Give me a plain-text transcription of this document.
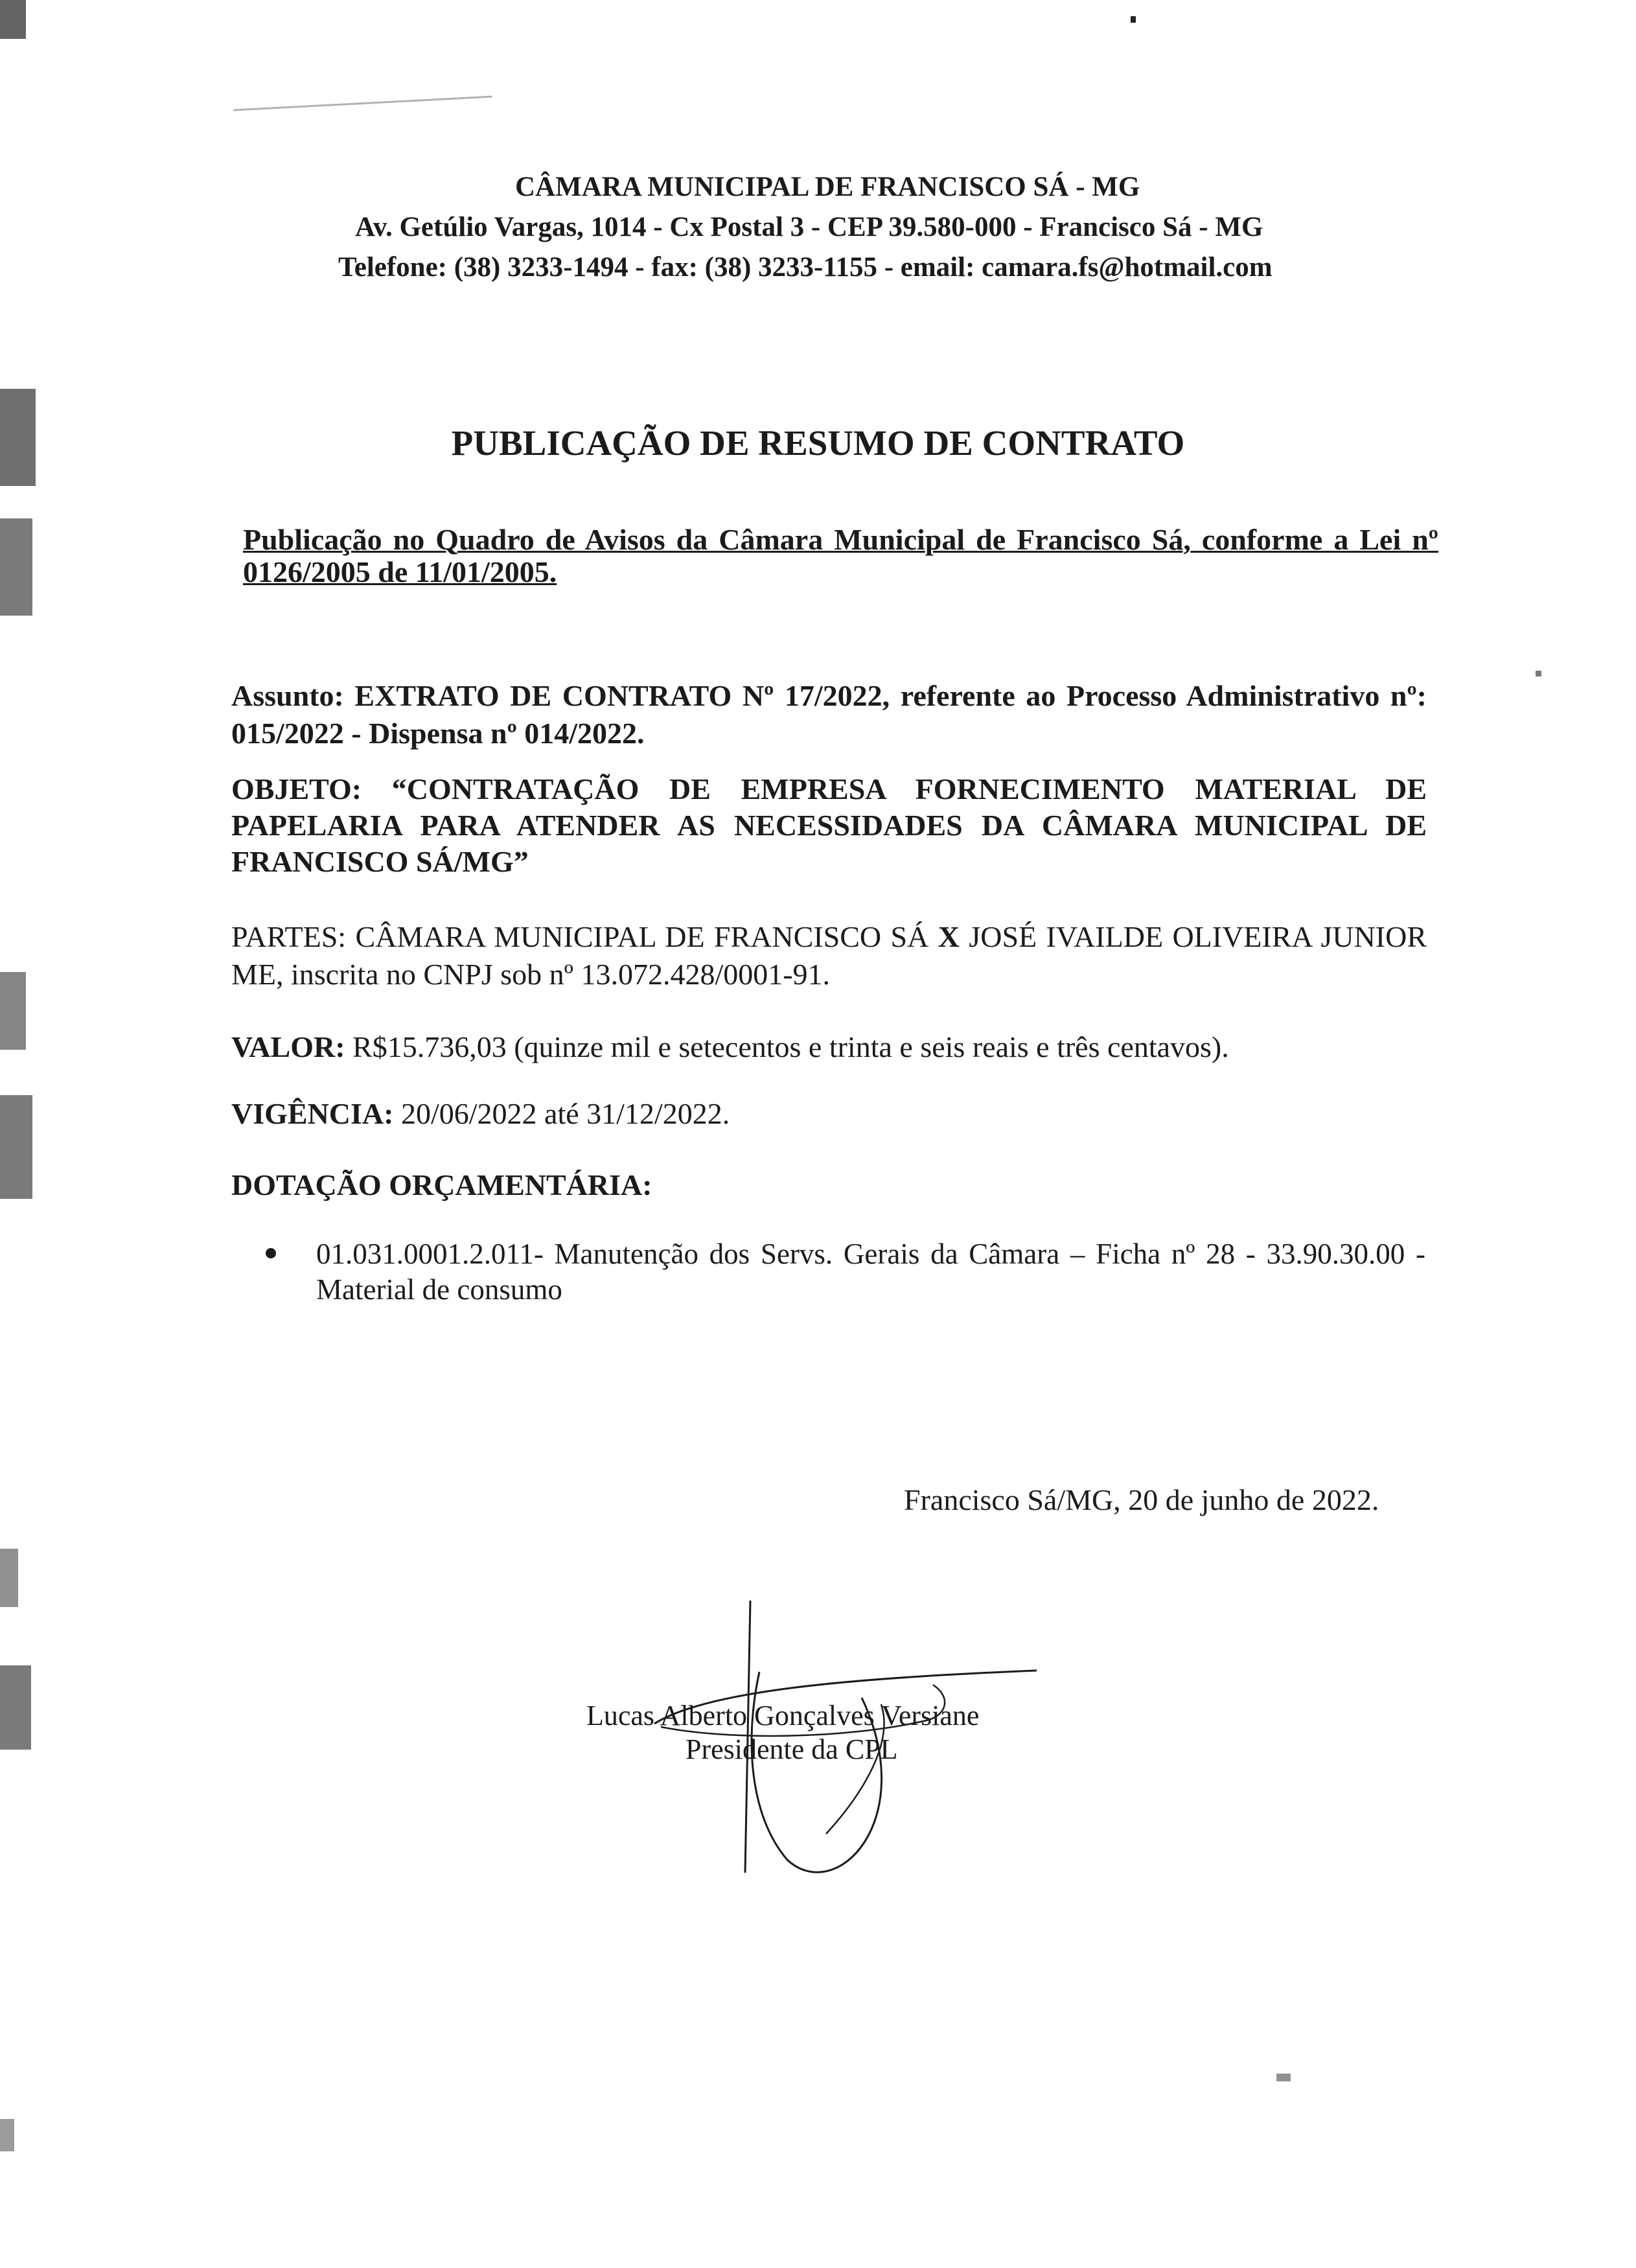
CÂMARA MUNICIPAL DE FRANCISCO SÁ - MG
Av. Getúlio Vargas, 1014 - Cx Postal 3 - CEP 39.580-000 - Francisco Sá - MG
Telefone: (38) 3233-1494 - fax: (38) 3233-1155 - email: camara.fs@hotmail.com
PUBLICAÇÃO DE RESUMO DE CONTRATO
Publicação no Quadro de Avisos da Câmara Municipal de Francisco Sá, conforme a Lei nº 0126/2005 de 11/01/2005.
Assunto: EXTRATO DE CONTRATO Nº 17/2022, referente ao Processo Administrativo nº: 015/2022 - Dispensa nº 014/2022.
OBJETO: “CONTRATAÇÃO DE EMPRESA FORNECIMENTO MATERIAL DE PAPELARIA PARA ATENDER AS NECESSIDADES DA CÂMARA MUNICIPAL DE FRANCISCO SÁ/MG”
PARTES: CÂMARA MUNICIPAL DE FRANCISCO SÁ X JOSÉ IVAILDE OLIVEIRA JUNIOR ME, inscrita no CNPJ sob nº 13.072.428/0001-91.
VALOR: R$15.736,03 (quinze mil e setecentos e trinta e seis reais e três centavos).
VIGÊNCIA: 20/06/2022 até 31/12/2022.
DOTAÇÃO ORÇAMENTÁRIA:
01.031.0001.2.011- Manutenção dos Servs. Gerais da Câmara – Ficha nº 28 - 33.90.30.00 - Material de consumo
Francisco Sá/MG, 20 de junho de 2022.
Lucas Alberto Gonçalves Versiane
Presidente da CPL
